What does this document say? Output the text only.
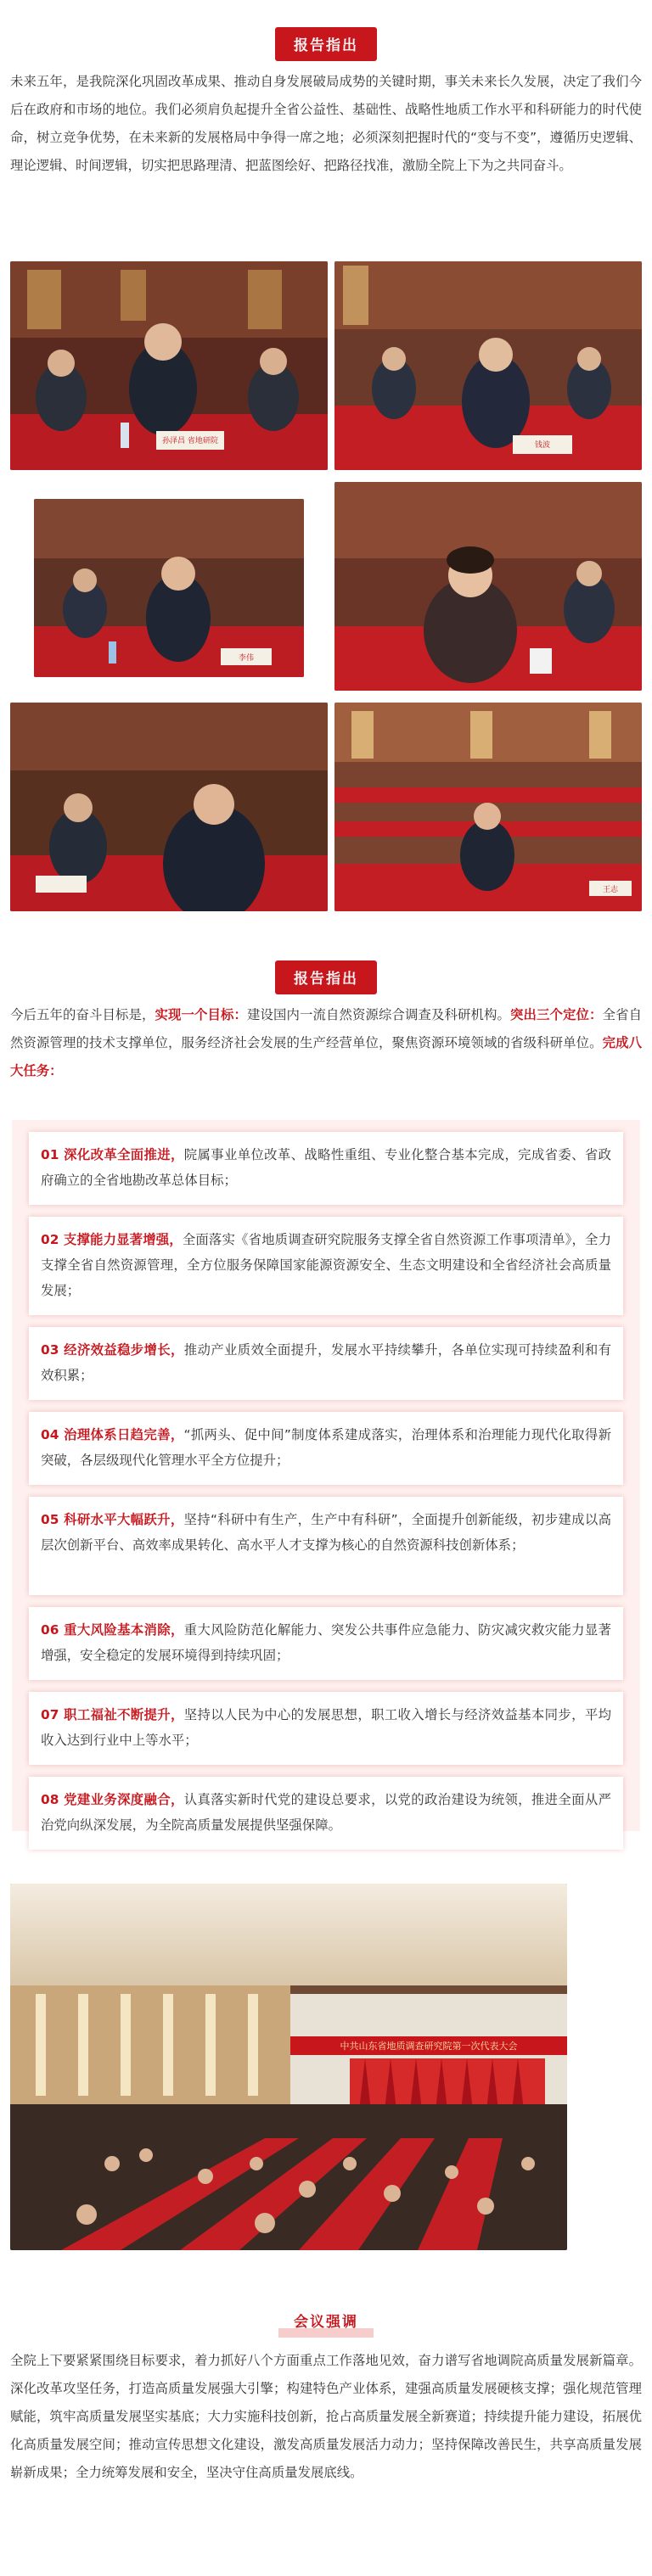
报告指出

未来五年，是我院深化巩固改革成果、推动自身发展破局成势的关键时期，事关未来长久发展，决定了我们今后在政府和市场的地位。我们必须肩负起提升全省公益性、基础性、战略性地质工作水平和科研能力的时代使命，树立竞争优势，在未来新的发展格局中争得一席之地；必须深刻把握时代的“变与不变”，遵循历史逻辑、理论逻辑、时间逻辑，切实把思路理清、把蓝图绘好、把路径找准，激励全院上下为之共同奋斗。

孙泽昌 省地研院	钱波
李伟
王志
报告指出

今后五年的奋斗目标是，实现一个目标：建设国内一流自然资源综合调查及科研机构。突出三个定位：全省自然资源管理的技术支撑单位，服务经济社会发展的生产经营单位，聚焦资源环境领域的省级科研单位。完成八大任务：

01 深化改革全面推进，院属事业单位改革、战略性重组、专业化整合基本完成，完成省委、省政府确立的全省地勘改革总体目标；
02 支撑能力显著增强，全面落实《省地质调查研究院服务支撑全省自然资源工作事项清单》，全力支撑全省自然资源管理，全方位服务保障国家能源资源安全、生态文明建设和全省经济社会高质量发展；
03 经济效益稳步增长，推动产业质效全面提升，发展水平持续攀升，各单位实现可持续盈利和有效积累；
04 治理体系日趋完善，“抓两头、促中间”制度体系建成落实，治理体系和治理能力现代化取得新突破，各层级现代化管理水平全方位提升；
05 科研水平大幅跃升，坚持“科研中有生产，生产中有科研”，全面提升创新能级，初步建成以高层次创新平台、高效率成果转化、高水平人才支撑为核心的自然资源科技创新体系；
06 重大风险基本消除，重大风险防范化解能力、突发公共事件应急能力、防灾减灾救灾能力显著增强，安全稳定的发展环境得到持续巩固；
07 职工福祉不断提升，坚持以人民为中心的发展思想，职工收入增长与经济效益基本同步，平均收入达到行业中上等水平；
08 党建业务深度融合，认真落实新时代党的建设总要求，以党的政治建设为统领，推进全面从严治党向纵深发展，为全院高质量发展提供坚强保障。
中共山东省地质调查研究院第一次代表大会
会议强调

全院上下要紧紧围绕目标要求，着力抓好八个方面重点工作落地见效，奋力谱写省地调院高质量发展新篇章。深化改革攻坚任务，打造高质量发展强大引擎；构建特色产业体系，建强高质量发展硬核支撑；强化规范管理赋能，筑牢高质量发展坚实基底；大力实施科技创新，抢占高质量发展全新赛道；持续提升能力建设，拓展优化高质量发展空间；推动宣传思想文化建设，激发高质量发展活力动力；坚持保障改善民生，共享高质量发展崭新成果；全力统筹发展和安全，坚决守住高质量发展底线。
